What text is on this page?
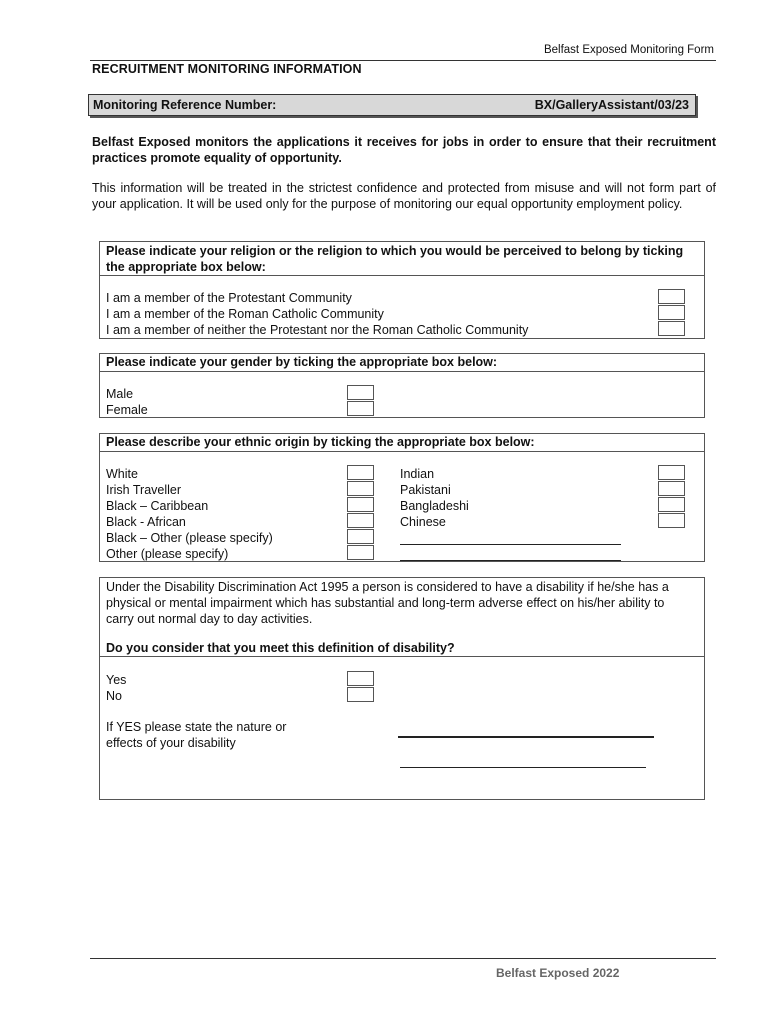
Belfast Exposed Monitoring Form
RECRUITMENT MONITORING INFORMATION
Monitoring Reference Number:	BX/GalleryAssistant/03/23
Belfast Exposed monitors the applications it receives for jobs in order to ensure that their recruitment practices promote equality of opportunity.
This information will be treated in the strictest confidence and protected from misuse and will not form part of your application. It will be used only for the purpose of monitoring our equal opportunity employment policy.
Please indicate your religion or the religion to which you would be perceived to belong by ticking the appropriate box below:
I am a member of the Protestant Community
I am a member of the Roman Catholic Community
I am a member of neither the Protestant nor the Roman Catholic Community
Please indicate your gender by ticking the appropriate box below:
Male
Female
Please describe your ethnic origin by ticking the appropriate box below:
White
Irish Traveller
Black – Caribbean
Black - African
Black – Other (please specify)
Other (please specify)
Indian
Pakistani
Bangladeshi
Chinese
Under the Disability Discrimination Act 1995 a person is considered to have a disability if he/she has a physical or mental impairment which has substantial and long-term adverse effect on his/her ability to carry out normal day to day activities.
Do you consider that you meet this definition of disability?
Yes
No
If YES please state the nature or effects of your disability
Belfast Exposed 2022
